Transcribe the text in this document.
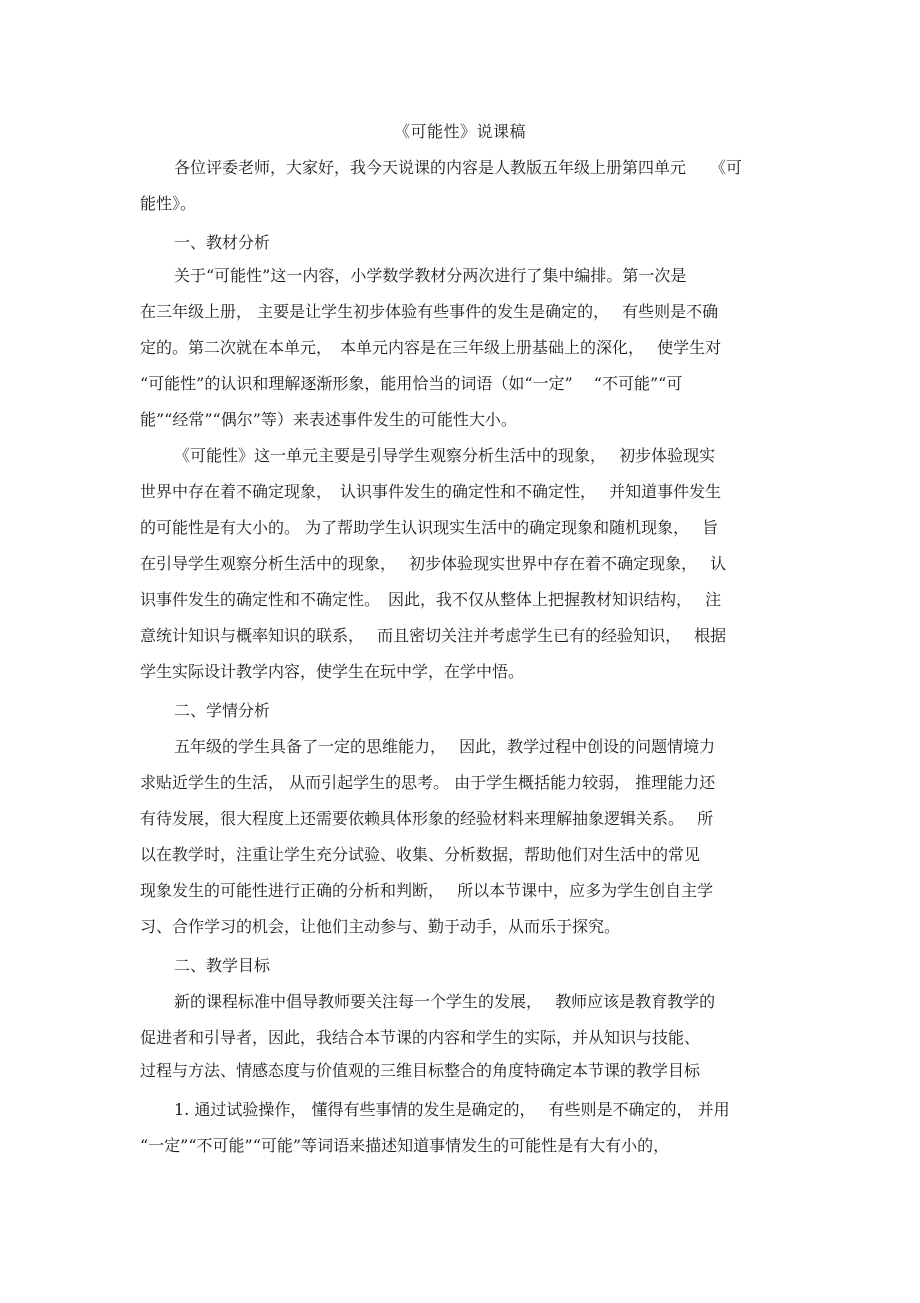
《可能性》说课稿
各位评委老师，大家好，我今天说课的内容是人教版五年级上册第四单元　　《可
能性》。
一、教材分析
关于“可能性”这一内容，小学数学教材分两次进行了集中编排。第一次是
在三年级上册， 主要是让学生初步体验有些事件的发生是确定的，　 有些则是不确
定的。第二次就在本单元，　本单元内容是在三年级上册基础上的深化，　 使学生对
“可能性”的认识和理解逐渐形象，能用恰当的词语（如“一定”　 “不可能”“可
能”“经常”“偶尔”等）来表述事件发生的可能性大小。
《可能性》这一单元主要是引导学生观察分析生活中的现象，　 初步体验现实
世界中存在着不确定现象，　认识事件发生的确定性和不确定性，　 并知道事件发生
的可能性是有大小的。 为了帮助学生认识现实生活中的确定现象和随机现象，　 旨
在引导学生观察分析生活中的现象，　 初步体验现实世界中存在着不确定现象，　 认
识事件发生的确定性和不确定性。　因此，我不仅从整体上把握教材知识结构，　 注
意统计知识与概率知识的联系，　 而且密切关注并考虑学生已有的经验知识，　 根据
学生实际设计教学内容，使学生在玩中学，在学中悟。
二、学情分析
五年级的学生具备了一定的思维能力，　 因此，教学过程中创设的问题情境力
求贴近学生的生活， 从而引起学生的思考。 由于学生概括能力较弱， 推理能力还
有待发展，很大程度上还需要依赖具体形象的经验材料来理解抽象逻辑关系。　 所
以在教学时，注重让学生充分试验、收集、分析数据，帮助他们对生活中的常见
现象发生的可能性进行正确的分析和判断，　 所以本节课中，应多为学生创自主学
习、合作学习的机会，让他们主动参与、勤于动手，从而乐于探究。
二、教学目标
新的课程标准中倡导教师要关注每一个学生的发展，　 教师应该是教育教学的
促进者和引导者，因此，我结合本节课的内容和学生的实际，并从知识与技能、
过程与方法、情感态度与价值观的三维目标整合的角度特确定本节课的教学目标
1. 通过试验操作， 懂得有些事情的发生是确定的，　 有些则是不确定的， 并用
“一定”“不可能”“可能”等词语来描述知道事情发生的可能性是有大有小的，
